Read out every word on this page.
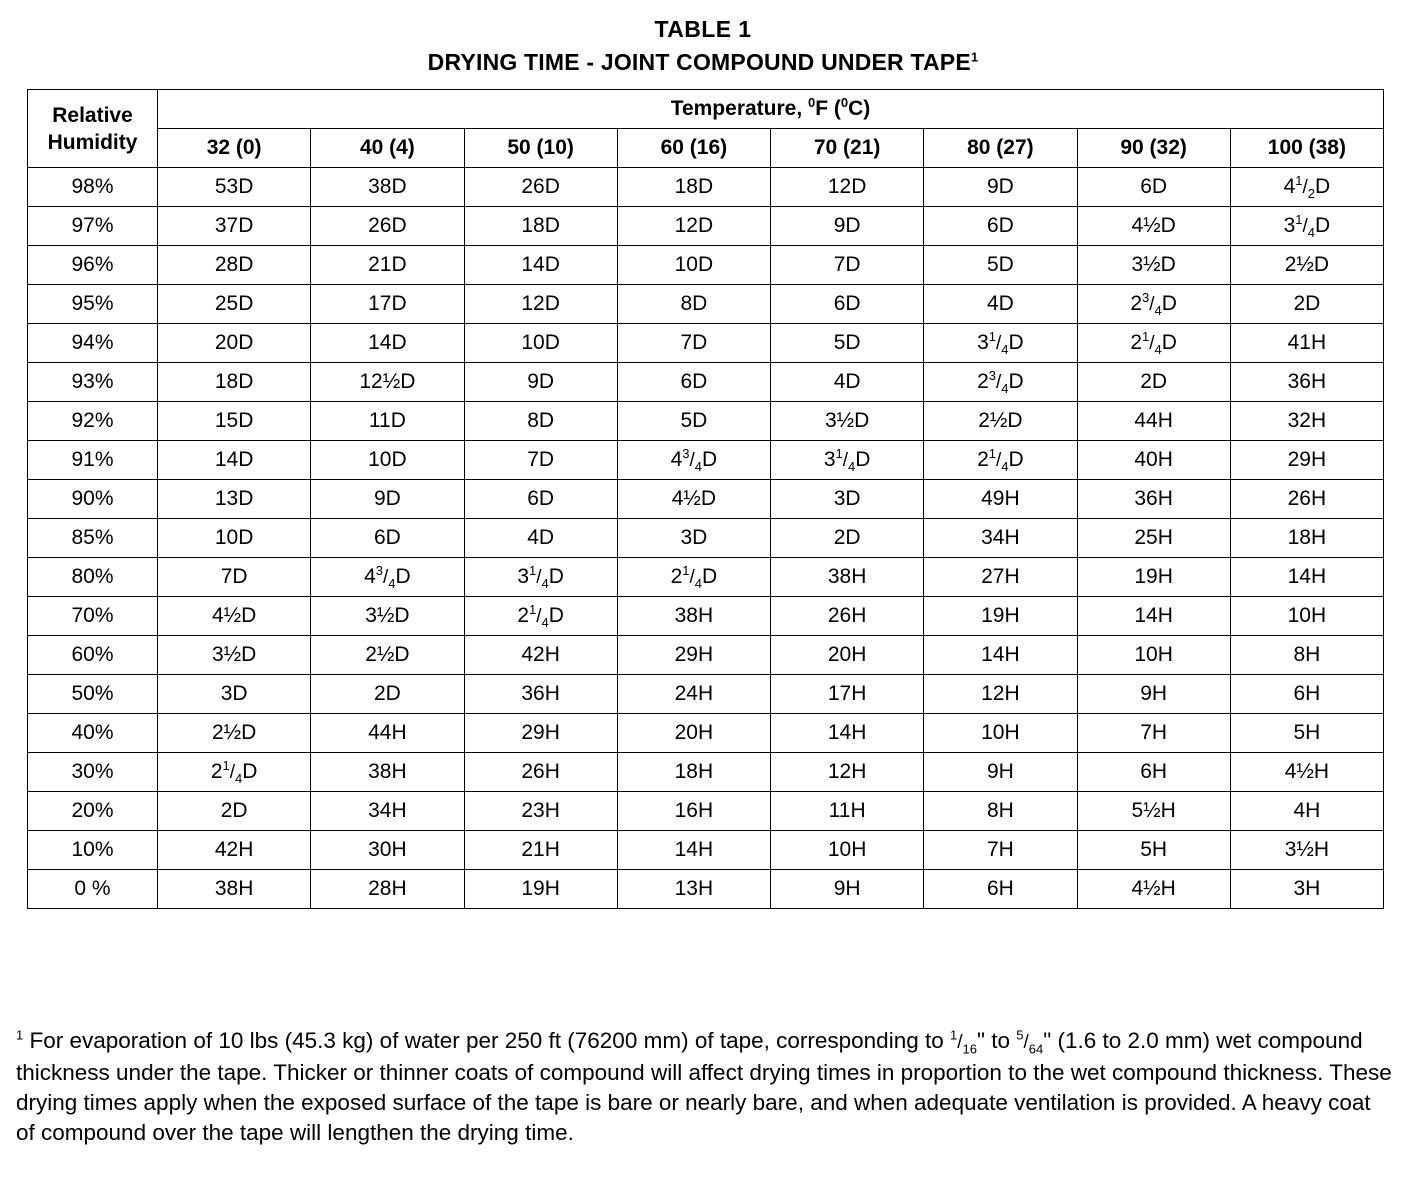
TABLE 1
DRYING TIME - JOINT COMPOUND UNDER TAPE$^1$
Relative
Humidity	Temperature, $^0$F ($^0$C)							
	32 (0)	40 (4)	50 (10)	60 (16)	70 (21)	80 (27)	90 (32)	100 (38)
98%	53D	38D	26D	18D	12D	9D	6D	$4^1/_2D$
97%	37D	26D	18D	12D	9D	6D	4½D	$3^1/_4D$
96%	28D	21D	14D	10D	7D	5D	3½D	2½D
95%	25D	17D	12D	8D	6D	4D	$2^3/_4D$	2D
94%	20D	14D	10D	7D	5D	$3^1/_4D$	$2^1/_4D$	41H
93%	18D	12½D	9D	6D	4D	$2^3/_4D$	2D	36H
92%	15D	11D	8D	5D	3½D	2½D	44H	32H
91%	14D	10D	7D	$4^3/_4D$	$3^1/_4D$	$2^1/_4D$	40H	29H
90%	13D	9D	6D	4½D	3D	49H	36H	26H
85%	10D	6D	4D	3D	2D	34H	25H	18H
80%	7D	$4^3/_4D$	$3^1/_4D$	$2^1/_4D$	38H	27H	19H	14H
70%	4½D	3½D	$2^1/_4D$	38H	26H	19H	14H	10H
60%	3½D	2½D	42H	29H	20H	14H	10H	8H
50%	3D	2D	36H	24H	17H	12H	9H	6H
40%	2½D	44H	29H	20H	14H	10H	7H	5H
30%	$2^1/_4D$	38H	26H	18H	12H	9H	6H	4½H
20%	2D	34H	23H	16H	11H	8H	5½H	4H
10%	42H	30H	21H	14H	10H	7H	5H	3½H
0 %	38H	28H	19H	13H	9H	6H	4½H	3H
$^1$ For evaporation of 10 lbs (45.3 kg) of water per 250 ft (76200 mm) of tape, corresponding to $^1/_{16}$" to $^5/_{64}$" (1.6 to 2.0 mm) wet compound thickness under the tape. Thicker or thinner coats of compound will affect drying times in proportion to the wet compound thickness. These drying times apply when the exposed surface of the tape is bare or nearly bare, and when adequate ventilation is provided. A heavy coat of compound over the tape will lengthen the drying time.
